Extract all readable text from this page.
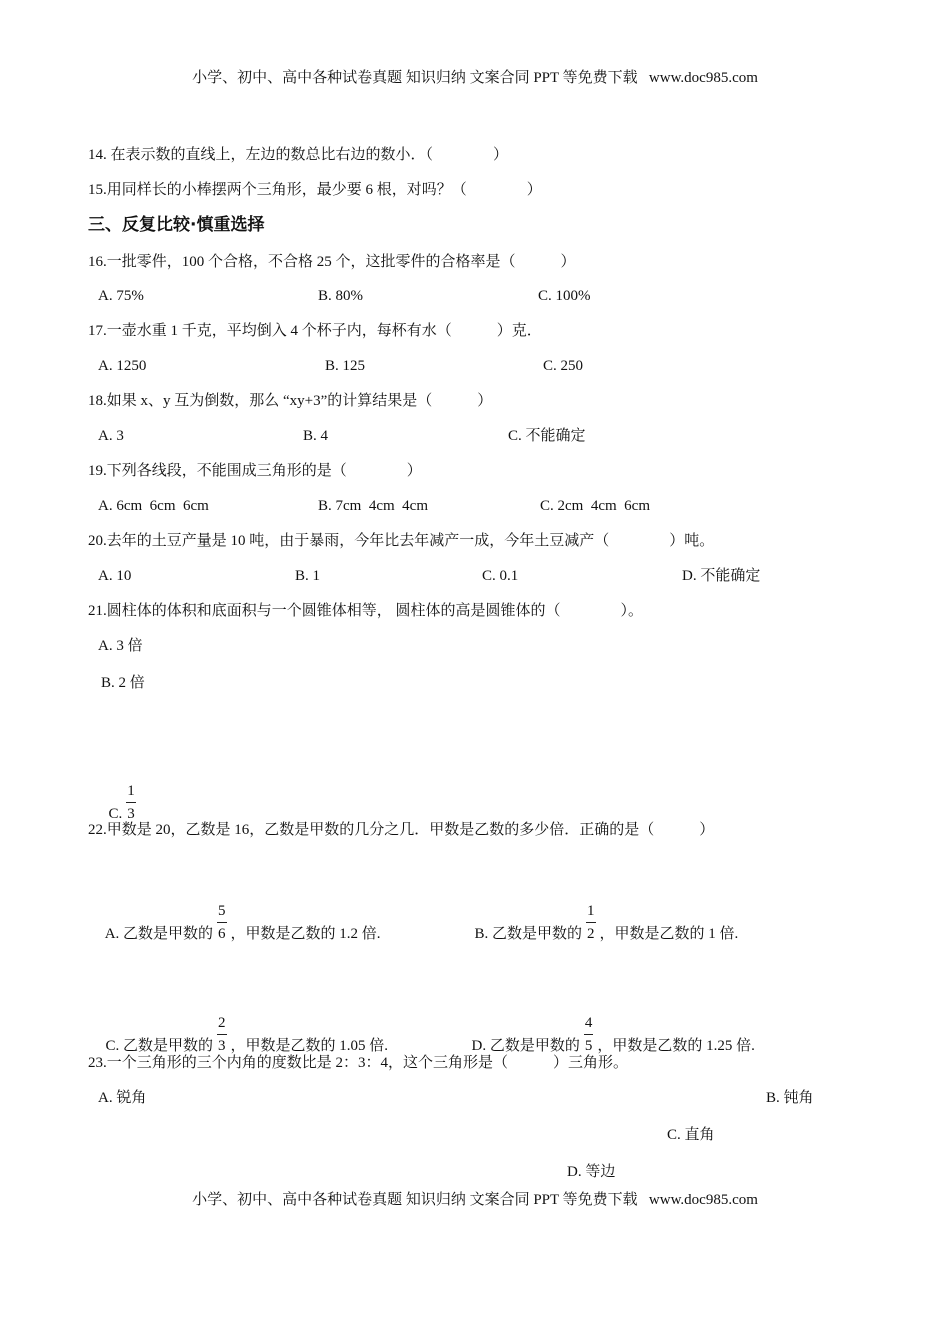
小学、初中、高中各种试卷真题 知识归纳 文案合同 PPT 等免费下载   www.doc985.com
14. 在表示数的直线上，左边的数总比右边的数小．（　　　　）
15.用同样长的小棒摆两个三角形，最少要 6 根，对吗？（　　　　）
三、反复比较·慎重选择
16.一批零件，100 个合格，不合格 25 个，这批零件的合格率是（　　　）
A. 75%	B. 80%	C. 100%
17.一壶水重 1 千克，平均倒入 4 个杯子内，每杯有水（　　　）克．
A. 1250	B. 125	C. 250
18.如果 x、y 互为倒数，那么 “xy+3”的计算结果是（　　　）
A. 3	B. 4	C. 不能确定
19.下列各线段，不能围成三角形的是（　　　　）
A. 6cm  6cm  6cm	B. 7cm  4cm  4cm	C. 2cm  4cm  6cm
20.去年的土豆产量是 10 吨，由于暴雨，今年比去年减产一成，今年土豆减产（　　　　）吨。
A. 10	B. 1	C. 0.1	D. 不能确定
21.圆柱体的体积和底面积与一个圆锥体相等， 圆柱体的高是圆锥体的（　　　　）。
A. 3 倍
B. 2 倍

C. $\frac{1}{3}$

22.甲数是 20，乙数是 16，乙数是甲数的几分之几．甲数是乙数的多少倍．正确的是（　　　）

A. 乙数是甲数的 $\frac{5}{6}$ ，甲数是乙数的 1.2 倍.	B. 乙数是甲数的 $\frac{1}{2}$ ，甲数是乙数的 1 倍.

C. 乙数是甲数的 $\frac{2}{3}$ ，甲数是乙数的 1.05 倍.	D. 乙数是甲数的 $\frac{4}{5}$ ，甲数是乙数的 1.25 倍.

23.一个三角形的三个内角的度数比是 2：3：4，这个三角形是（　　　）三角形。
A. 锐角	B. 钝角
C. 直角
D. 等边
小学、初中、高中各种试卷真题 知识归纳 文案合同 PPT 等免费下载   www.doc985.com
